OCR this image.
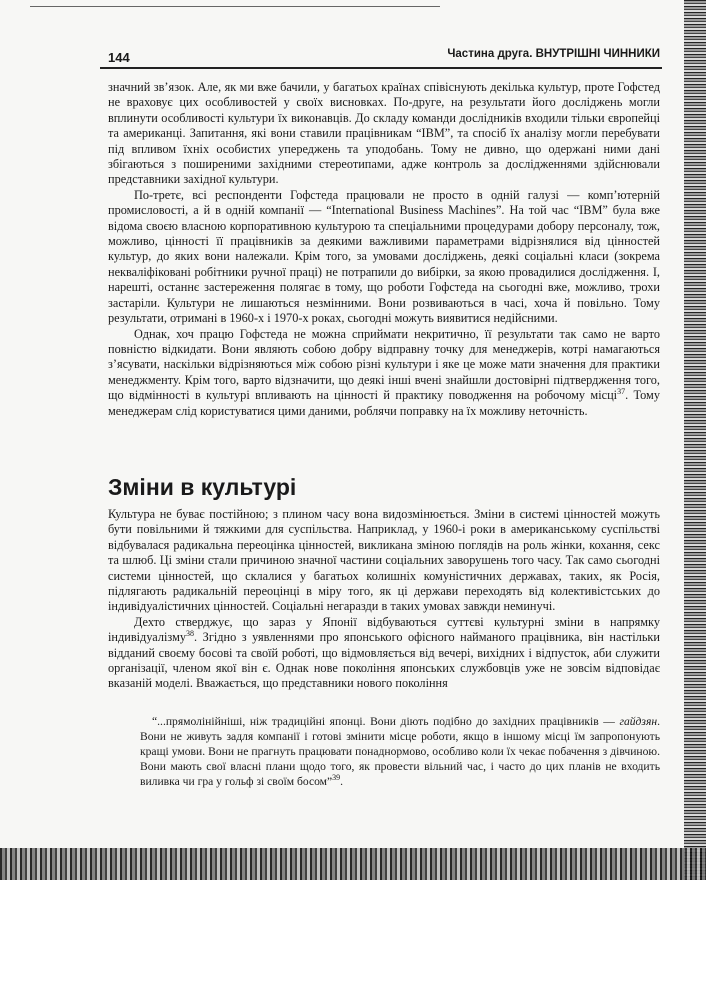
144	Частина друга. ВНУТРІШНІ ЧИННИКИ

значний зв’язок. Але, як ми вже бачили, у багатьох країнах співіснують декілька культур, проте Гофстед не враховує цих особливостей у своїх висновках. По-друге, на результати його досліджень могли вплинути особливості культури їх виконавців. До складу команди дослідників входили тільки європейці та американці. Запитання, які вони ставили працівникам “IBM”, та спосіб їх аналізу могли перебувати під впливом їхніх особистих упереджень та уподобань. Тому не дивно, що одержані ними дані збігаються з поширеними західними стереотипами, адже контроль за дослідженнями здійснювали представники західної культури.

По-третє, всі респонденти Гофстеда працювали не просто в одній галузі — комп’ютерній промисловості, а й в одній компанії — “International Business Machines”. На той час “IBM” була вже відома своєю власною корпоративною культурою та спеціальними процедурами добору персоналу, тож, можливо, цінності її працівників за деякими важливими параметрами відрізнялися від цінностей культур, до яких вони належали. Крім того, за умовами досліджень, деякі соціальні класи (зокрема некваліфіковані робітники ручної праці) не потрапили до вибірки, за якою провадилися дослідження. І, нарешті, останнє застереження полягає в тому, що роботи Гофстеда на сьогодні вже, можливо, трохи застаріли. Культури не лишаються незмінними. Вони розвиваються в часі, хоча й повільно. Тому результати, отримані в 1960-х і 1970-х роках, сьогодні можуть виявитися недійсними.

Однак, хоч працю Гофстеда не можна сприймати некритично, її результати так само не варто повністю відкидати. Вони являють собою добру відправну точку для менеджерів, котрі намагаються з’ясувати, наскільки відрізняються між собою різні культури і яке це може мати значення для практики менеджменту. Крім того, варто відзначити, що деякі інші вчені знайшли достовірні підтвердження того, що відмінності в культурі впливають на цінності й практику поводження на робочому місці$^{37}$. Тому менеджерам слід користуватися цими даними, роблячи поправку на їх можливу неточність.

Зміни в культурі

Культура не буває постійною; з плином часу вона видозмінюється. Зміни в системі цінностей можуть бути повільними й тяжкими для суспільства. Наприклад, у 1960-і роки в американському суспільстві відбувалася радикальна переоцінка цінностей, викликана зміною поглядів на роль жінки, кохання, секс та шлюб. Ці зміни стали причиною значної частини соціальних заворушень того часу. Так само сьогодні системи цінностей, що склалися у багатьох колишніх комуністичних державах, таких, як Росія, підлягають радикальній переоцінці в міру того, як ці держави переходять від колективістських до індивідуалістичних цінностей. Соціальні негаразди в таких умовах завжди неминучі.

Дехто стверджує, що зараз у Японії відбуваються суттєві культурні зміни в напрямку індивідуалізму$^{38}$. Згідно з уявленнями про японського офісного найманого працівника, він настільки відданий своєму босові та своїй роботі, що відмовляється від вечері, вихідних і відпусток, аби служити організації, членом якої він є. Однак нове покоління японських службовців уже не зовсім відповідає вказаній моделі. Вважається, що представники нового покоління

“...прямолінійніші, ніж традиційні японці. Вони діють подібно до західних працівників — гайдзян. Вони не живуть задля компанії і готові змінити місце роботи, якщо в іншому місці їм запропонують кращі умови. Вони не прагнуть працювати понаднормово, особливо коли їх чекає побачення з дівчиною. Вони мають свої власні плани щодо того, як провести вільний час, і часто до цих планів не входить виливка чи гра у гольф зі своїм босом”$^{39}$.
